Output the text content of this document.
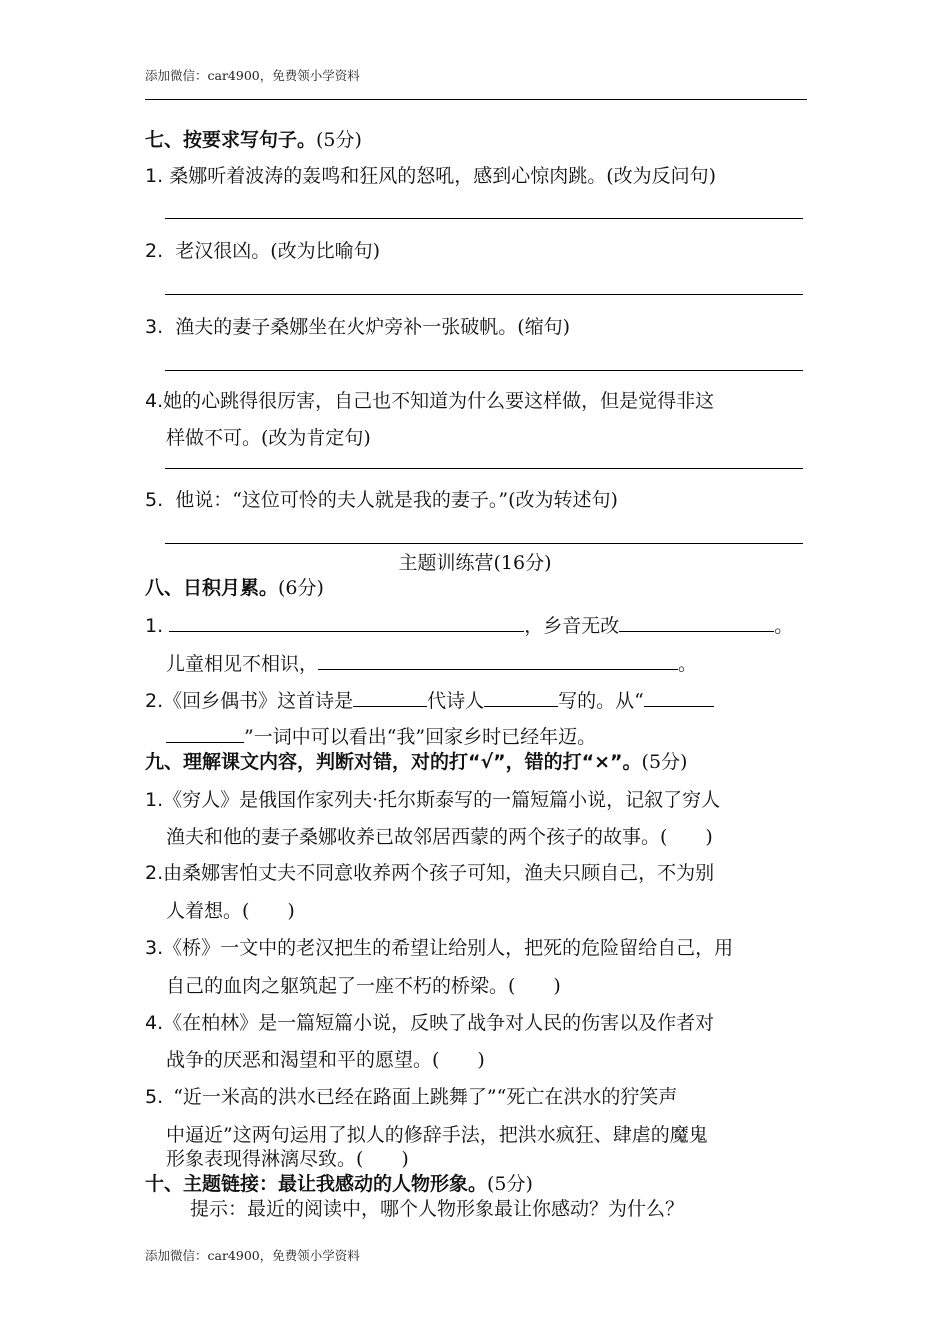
添加微信：car4900，免费领小学资料
七、按要求写句子。(5分)
1. 桑娜听着波涛的轰鸣和狂风的怒吼，感到心惊肉跳。(改为反问句)
2. 老汉很凶。(改为比喻句)
3. 渔夫的妻子桑娜坐在火炉旁补一张破帆。(缩句)
4.她的心跳得很厉害，自己也不知道为什么要这样做，但是觉得非这
样做不可。(改为肯定句)
5. 他说：“这位可怜的夫人就是我的妻子。”(改为转述句)
主题训练营(16分)
八、日积月累。(6分)
1.	，乡音无改	。
儿童相见不相识，	。
2.《回乡偶书》这首诗是	代诗人	写的。从“
”一词中可以看出“我”回家乡时已经年迈。
九、理解课文内容，判断对错，对的打“√”，错的打“×”。(5分)
1.《穷人》是俄国作家列夫·托尔斯泰写的一篇短篇小说，记叙了穷人
渔夫和他的妻子桑娜收养已故邻居西蒙的两个孩子的故事。(　　)
2.由桑娜害怕丈夫不同意收养两个孩子可知，渔夫只顾自己，不为别
人着想。(　　)
3.《桥》一文中的老汉把生的希望让给别人，把死的危险留给自己，用
自己的血肉之躯筑起了一座不朽的桥梁。(　　)
4.《在柏林》是一篇短篇小说，反映了战争对人民的伤害以及作者对
战争的厌恶和渴望和平的愿望。(　　)
5. “近一米高的洪水已经在路面上跳舞了”“死亡在洪水的狞笑声
中逼近”这两句运用了拟人的修辞手法，把洪水疯狂、肆虐的魔鬼
形象表现得淋漓尽致。(　　)
十、主题链接：最让我感动的人物形象。(5分)
提示：最近的阅读中，哪个人物形象最让你感动？为什么？
添加微信：car4900，免费领小学资料
